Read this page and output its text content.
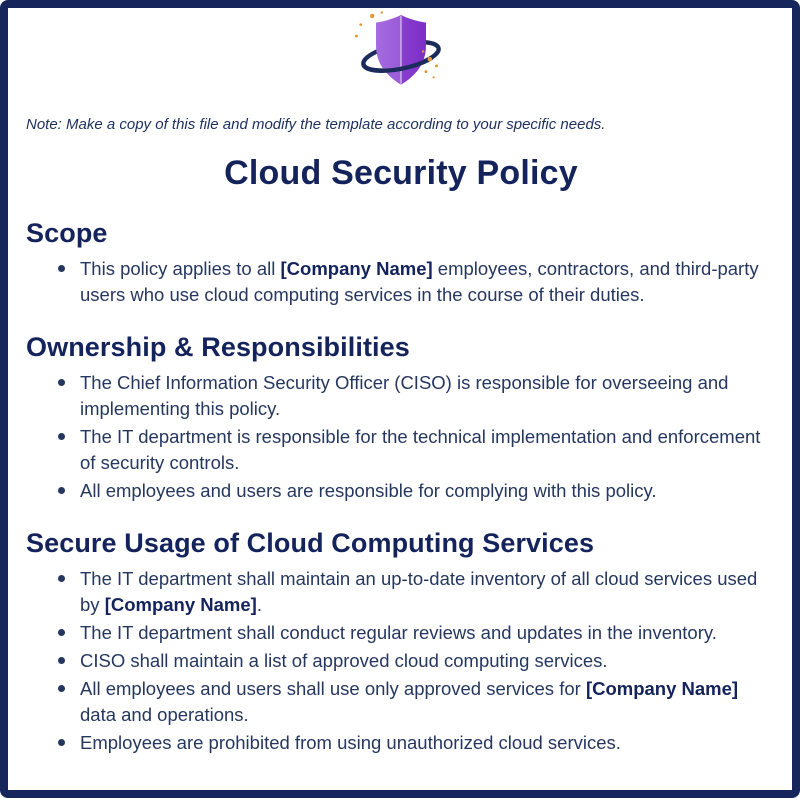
Note: Make a copy of this file and modify the template according to your specific needs.

Cloud Security Policy
Scope
This policy applies to all [Company Name] employees, contractors, and third-party users who use cloud computing services in the course of their duties.
Ownership & Responsibilities
The Chief Information Security Officer (CISO) is responsible for overseeing and implementing this policy.
The IT department is responsible for the technical implementation and enforcement of security controls.
All employees and users are responsible for complying with this policy.
Secure Usage of Cloud Computing Services
The IT department shall maintain an up-to-date inventory of all cloud services used by [Company Name].
The IT department shall conduct regular reviews and updates in the inventory.
CISO shall maintain a list of approved cloud computing services.
All employees and users shall use only approved services for [Company Name] data and operations.
Employees are prohibited from using unauthorized cloud services.
